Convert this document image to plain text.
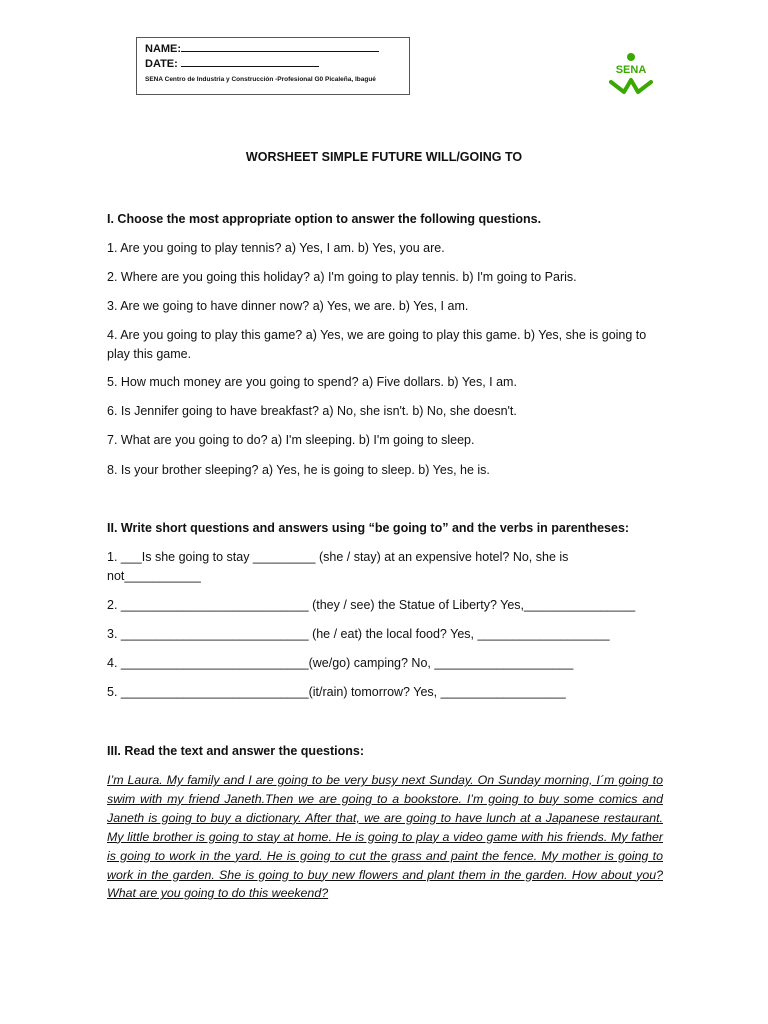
NAME:
DATE:
SENA Centro de Industria y Construcción -Profesional G0 Picaleña, Ibagué
SENA
WORSHEET SIMPLE FUTURE WILL/GOING TO
I. Choose the most appropriate option to answer the following questions.
1. Are you going to play tennis? a) Yes, I am. b) Yes, you are.
2. Where are you going this holiday? a) I'm going to play tennis. b) I'm going to Paris.
3. Are we going to have dinner now? a) Yes, we are. b) Yes, I am.
4. Are you going to play this game? a) Yes, we are going to play this game. b) Yes, she is going to play this game.
5. How much money are you going to spend? a) Five dollars. b) Yes, I am.
6. Is Jennifer going to have breakfast? a) No, she isn't. b) No, she doesn't.
7. What are you going to do? a) I'm sleeping. b) I'm going to sleep.
8. Is your brother sleeping? a) Yes, he is going to sleep. b) Yes, he is.
II. Write short questions and answers using “be going to” and the verbs in parentheses:
1. ___Is she going to stay _________ (she / stay) at an expensive hotel? No, she is not___________
2. ___________________________ (they / see) the Statue of Liberty? Yes,________________
3. ___________________________ (he / eat) the local food? Yes, ___________________
4. ___________________________(we/go) camping? No, ____________________
5. ___________________________(it/rain) tomorrow? Yes, __________________
III. Read the text and answer the questions:
I’m Laura. My family and I are going to be very busy next Sunday. On Sunday morning, I´m going to swim with my friend Janeth.Then we are going to a bookstore. I’m going to buy some comics and Janeth is going to buy a dictionary. After that, we are going to have lunch at a Japanese restaurant. My little brother is going to stay at home. He is going to play a video game with his friends. My father is going to work in the yard. He is going to cut the grass and paint the fence. My mother is going to work in the garden. She is going to buy new flowers and plant them in the garden. How about you? What are you going to do this weekend?
